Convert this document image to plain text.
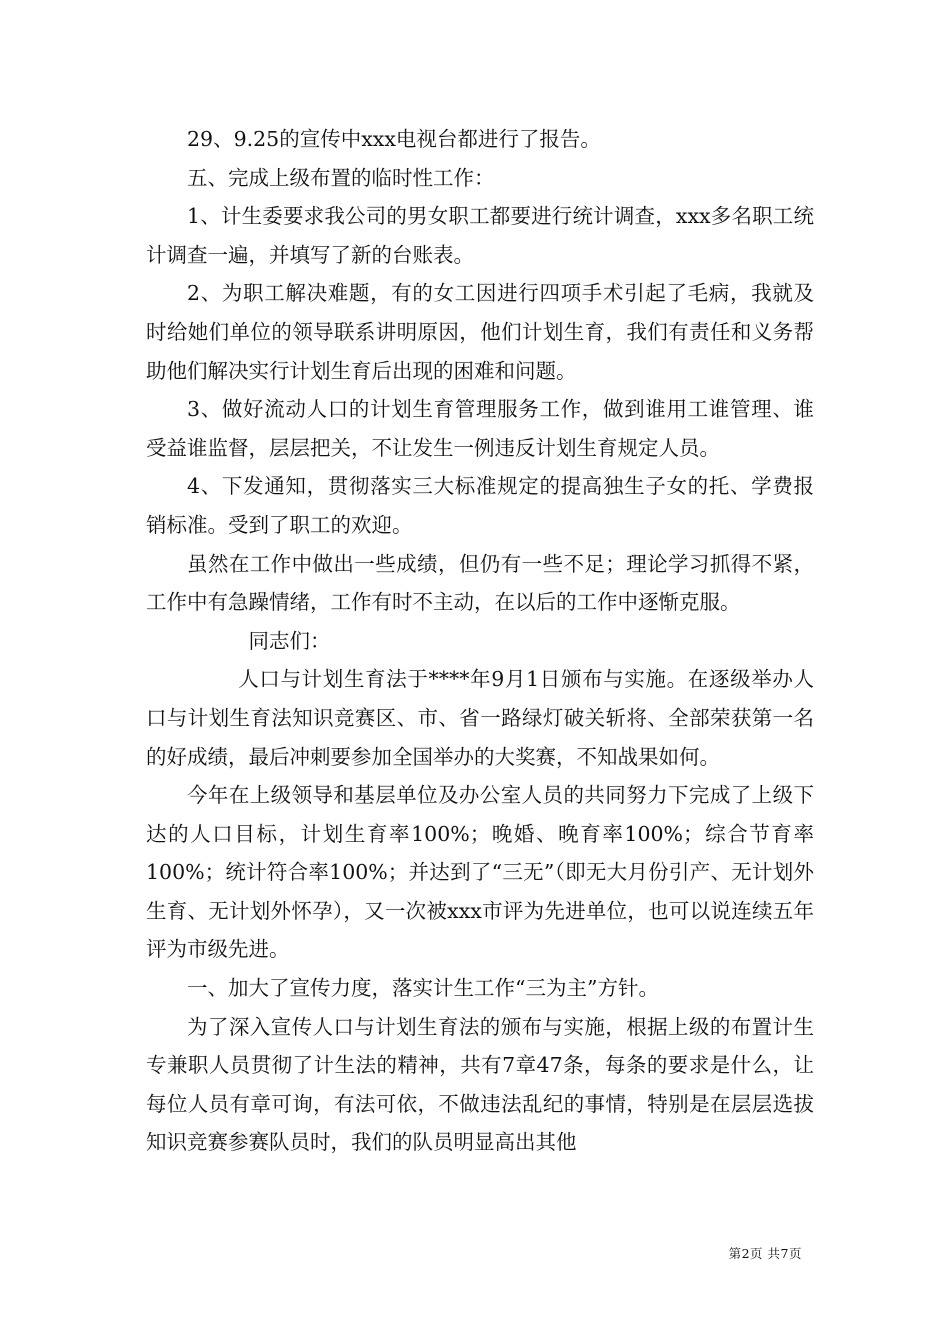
29、9.25的宣传中xxx电视台都进行了报告。

五、完成上级布置的临时性工作：

1、计生委要求我公司的男女职工都要进行统计调查，xxx多名职工统计调查一遍，并填写了新的台账表。

2、为职工解决难题，有的女工因进行四项手术引起了毛病，我就及时给她们单位的领导联系讲明原因，他们计划生育，我们有责任和义务帮助他们解决实行计划生育后出现的困难和问题。

3、做好流动人口的计划生育管理服务工作，做到谁用工谁管理、谁受益谁监督，层层把关，不让发生一例违反计划生育规定人员。

4、下发通知，贯彻落实三大标准规定的提高独生子女的托、学费报销标准。受到了职工的欢迎。

虽然在工作中做出一些成绩，但仍有一些不足；理论学习抓得不紧，工作中有急躁情绪，工作有时不主动，在以后的工作中逐惭克服。

同志们：

人口与计划生育法于****年9月1日颁布与实施。在逐级举办人口与计划生育法知识竞赛区、市、省一路绿灯破关斩将、全部荣获第一名的好成绩，最后冲刺要参加全国举办的大奖赛，不知战果如何。

今年在上级领导和基层单位及办公室人员的共同努力下完成了上级下达的人口目标，计划生育率100%；晚婚、晚育率100%；综合节育率100%；统计符合率100%；并达到了“三无”（即无大月份引产、无计划外生育、无计划外怀孕），又一次被xxx市评为先进单位，也可以说连续五年评为市级先进。

一、加大了宣传力度，落实计生工作“三为主”方针。

为了深入宣传人口与计划生育法的颁布与实施，根据上级的布置计生专兼职人员贯彻了计生法的精神，共有7章47条，每条的要求是什么，让每位人员有章可询，有法可依，不做违法乱纪的事情，特别是在层层选拔知识竞赛参赛队员时，我们的队员明显高出其他

第2页 共7页
